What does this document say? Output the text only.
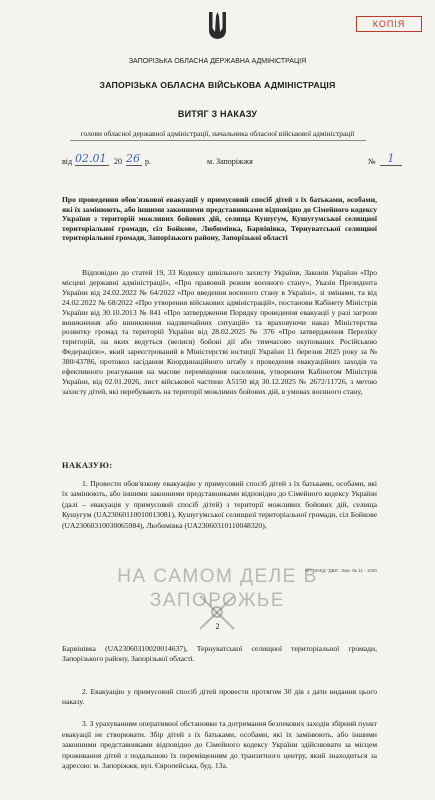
КОПІЯ
ЗАПОРІЗЬКА ОБЛАСНА ДЕРЖАВНА АДМІНІСТРАЦІЯ
ЗАПОРІЗЬКА ОБЛАСНА ВІЙСЬКОВА АДМІНІСТРАЦІЯ
ВИТЯГ З НАКАЗУ
голови обласної державної адміністрації, начальника обласної військової адміністрації
від 02.01 20 26 р.	м. Запоріжжя	№	1
Про проведення обов'язкової евакуації у примусовий спосіб дітей з їх батьками, особами, які їх замінюють, або іншими законними представниками відповідно до Сімейного кодексу України з територій можливих бойових дій, селища Кушугум, Кушугумської селищної територіальної громади, сіл Бойкове, Любимівка, Барвінівка, Тернуватської селищної територіальної громади, Запорізького району, Запорізької області
Відповідно до статей 19, 33 Кодексу цивільного захисту України, Законів України «Про місцеві державні адміністрації», «Про правовий режим воєнного стану», Указів Президента України від 24.02.2022 № 64/2022 «Про введення воєнного стану в Україні», зі змінами, та від 24.02.2022 № 68/2022 «Про утворення військових адміністрацій», постанови Кабінету Міністрів України від 30.10.2013 № 841 «Про затвердження Порядку проведення евакуації у разі загрози виникнення або виникнення надзвичайних ситуацій» та враховуючи наказ Міністерства розвитку громад та територій України від 28.02.2025 № 376 «Про затвердження Переліку територій, на яких ведуться (велися) бойові дії або тимчасово окупованих Російською Федерацією», який зареєстрований в Міністерстві юстиції України 11 березня 2025 року за № 380/43786, протокол засідання Координаційного штабу з проведення евакуаційних заходів та ефективного реагування на масове переміщення населення, утвореним Кабінетом Міністрів України, від 02.01.2026, лист військової частини А5150 від 30.12.2025 № 2672/11726, з метою захисту дітей, які перебувають на території можливих бойових дій, в умовах воєнного стану,
НАКАЗУЮ:
1. Провести обов'язкову евакуацію у примусовий спосіб дітей з їх батьками, особами, які їх замінюють, або іншими законними представниками відповідно до Сімейного кодексу України (далі – евакуація у примусовий спосіб дітей) з території можливих бойових дій, селища Кушугум (UA23060110010013081), Кушугумської селищної територіальної громади, сіл Бойкове (UA23060310030065984), Любимівка (UA23060310110048320),
НП "ЗАКД "ДВК", Зам. № 11 - 1000
НА САМОМ ДЕЛЕ В
ЗАПОРОЖЬЕ
2
Барвінівка (UA23060310020014637), Тернуватської селищної територіальної громади, Запорізького району, Запорізької області.
2. Евакуацію у примусовий спосіб дітей провести протягом 30 дів з дати видання цього наказу.
3. З урахуванням оперативної обстановки та дотримання безпекових заходів збірний пункт евакуації не створювати. Збір дітей з їх батьками, особами, які їх замінюють, або іншими законними представниками відповідно до Сімейного кодексу України здійснювати за місцем проживання дітей з подальшою їх переміщенням до транзитного центру, який знаходиться за адресою: м. Запоріжжя, вул. Європейська, буд. 13а.
